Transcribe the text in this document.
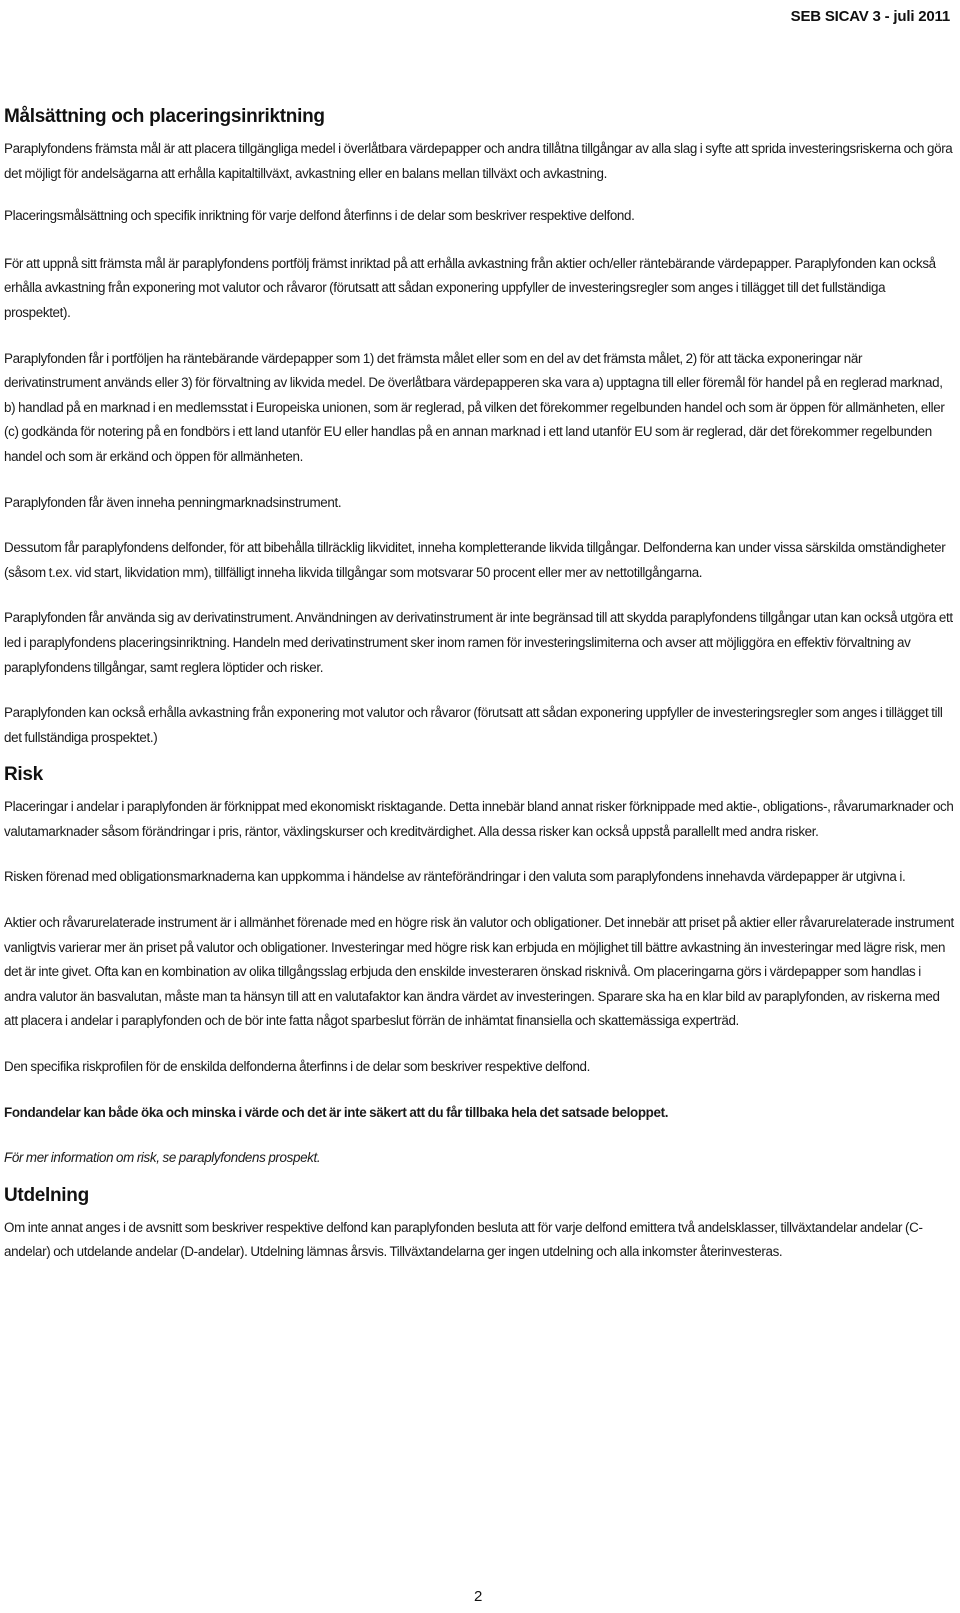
SEB SICAV 3 - juli 2011
Målsättning och placeringsinriktning

Paraplyfondens främsta mål är att placera tillgängliga medel i överlåtbara värdepapper och andra tillåtna tillgångar av alla slag i syfte att sprida investeringsriskerna och göra det möjligt för andelsägarna att erhålla kapitaltillväxt, avkastning eller en balans mellan tillväxt och avkastning.

Placeringsmålsättning och specifik inriktning för varje delfond återfinns i de delar som beskriver respektive delfond.

För att uppnå sitt främsta mål är paraplyfondens portfölj främst inriktad på att erhålla avkastning från aktier och/eller räntebärande värdepapper. Paraplyfonden kan också erhålla avkastning från exponering mot valutor och råvaror (förutsatt att sådan exponering uppfyller de investeringsregler som anges i tillägget till det fullständiga prospektet).

Paraplyfonden får i portföljen ha räntebärande värdepapper som 1) det främsta målet eller som en del av det främsta målet, 2) för att täcka exponeringar när derivatinstrument används eller 3) för förvaltning av likvida medel. De överlåtbara värdepapperen ska vara a) upptagna till eller föremål för handel på en reglerad marknad, b) handlad på en marknad i en medlemsstat i Europeiska unionen, som är reglerad, på vilken det förekommer regelbunden handel och som är öppen för allmänheten, eller (c) godkända för notering på en fondbörs i ett land utanför EU eller handlas på en annan marknad i ett land utanför EU som är reglerad, där det förekommer regelbunden handel och som är erkänd och öppen för allmänheten.

Paraplyfonden får även inneha penningmarknadsinstrument.

Dessutom får paraplyfondens delfonder, för att bibehålla tillräcklig likviditet, inneha kompletterande likvida tillgångar. Delfonderna kan under vissa särskilda omständigheter (såsom t.ex. vid start, likvidation mm), tillfälligt inneha likvida tillgångar som motsvarar 50 procent eller mer av nettotillgångarna.

Paraplyfonden får använda sig av derivatinstrument. Användningen av derivatinstrument är inte begränsad till att skydda paraplyfondens tillgångar utan kan också utgöra ett led i paraplyfondens placeringsinriktning. Handeln med derivatinstrument sker inom ramen för investeringslimiterna och avser att möjliggöra en effektiv förvaltning av paraplyfondens tillgångar, samt reglera löptider och risker.

Paraplyfonden kan också erhålla avkastning från exponering mot valutor och råvaror (förutsatt att sådan exponering uppfyller de investeringsregler som anges i tillägget till det fullständiga prospektet.)

Risk

Placeringar i andelar i paraplyfonden är förknippat med ekonomiskt risktagande. Detta innebär bland annat risker förknippade med aktie-, obligations-, råvarumarknader och valutamarknader såsom förändringar i pris, räntor, växlingskurser och kreditvärdighet. Alla dessa risker kan också uppstå parallellt med andra risker.

Risken förenad med obligationsmarknaderna kan uppkomma i händelse av ränteförändringar i den valuta som paraplyfondens innehavda värdepapper är utgivna i.

Aktier och råvarurelaterade instrument är i allmänhet förenade med en högre risk än valutor och obligationer. Det innebär att priset på aktier eller råvarurelaterade instrument vanligtvis varierar mer än priset på valutor och obligationer. Investeringar med högre risk kan erbjuda en möjlighet till bättre avkastning än investeringar med lägre risk, men det är inte givet. Ofta kan en kombination av olika tillgångsslag erbjuda den enskilde investeraren önskad risknivå. Om placeringarna görs i värdepapper som handlas i andra valutor än basvalutan, måste man ta hänsyn till att en valutafaktor kan ändra värdet av investeringen. Sparare ska ha en klar bild av paraplyfonden, av riskerna med att placera i andelar i paraplyfonden och de bör inte fatta något sparbeslut förrän de inhämtat finansiella och skattemässiga experträd.

Den specifika riskprofilen för de enskilda delfonderna återfinns i de delar som beskriver respektive delfond.

Fondandelar kan både öka och minska i värde och det är inte säkert att du får tillbaka hela det satsade beloppet.

För mer information om risk, se paraplyfondens prospekt.

Utdelning

Om inte annat anges i de avsnitt som beskriver respektive delfond kan paraplyfonden besluta att för varje delfond emittera två andelsklasser, tillväxtandelar andelar (C-andelar) och utdelande andelar (D-andelar). Utdelning lämnas årsvis. Tillväxtandelarna ger ingen utdelning och alla inkomster återinvesteras.

2
